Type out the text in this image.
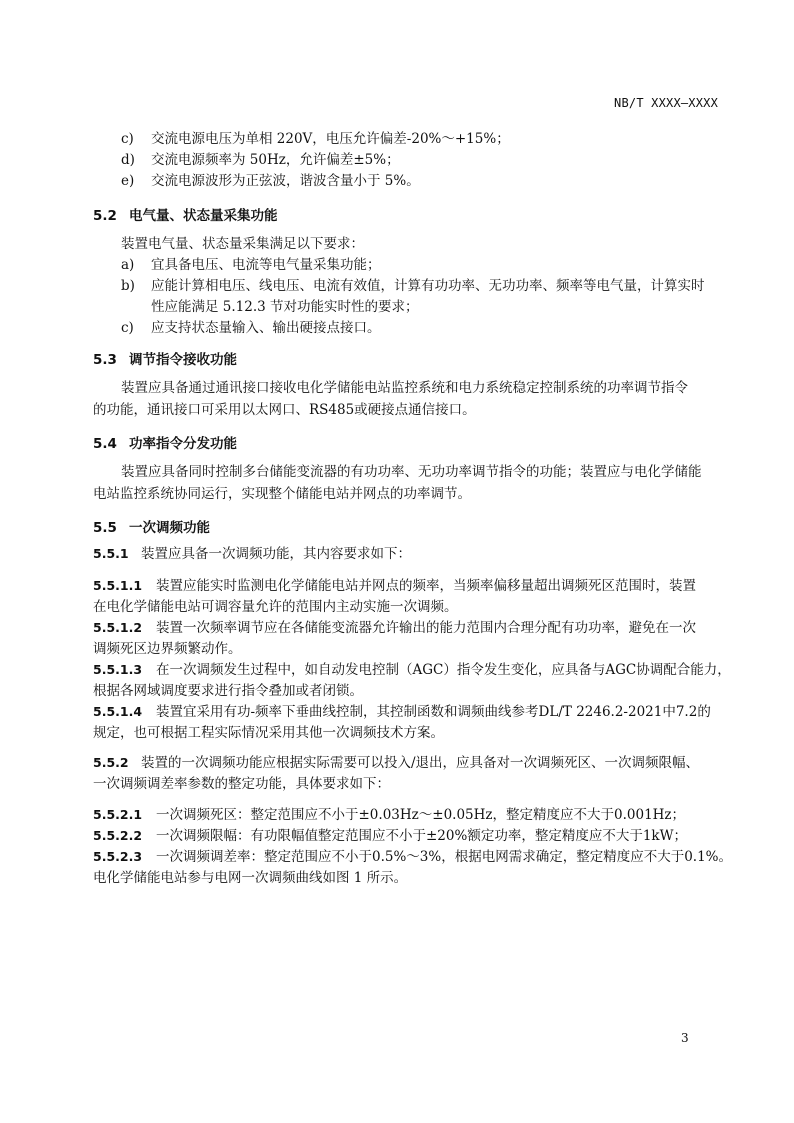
NB/T XXXX—XXXX
c) 交流电源电压为单相 220V，电压允许偏差-20%～+15%；
d) 交流电源频率为 50Hz，允许偏差±5%；
e) 交流电源波形为正弦波，谐波含量小于 5%。
5.2 电气量、状态量采集功能
装置电气量、状态量采集满足以下要求：
a) 宜具备电压、电流等电气量采集功能；
b) 应能计算相电压、线电压、电流有效值，计算有功功率、无功功率、频率等电气量，计算实时
性应能满足 5.12.3 节对功能实时性的要求；
c) 应支持状态量输入、输出硬接点接口。
5.3 调节指令接收功能
装置应具备通过通讯接口接收电化学储能电站监控系统和电力系统稳定控制系统的功率调节指令
的功能，通讯接口可采用以太网口、RS485或硬接点通信接口。
5.4 功率指令分发功能
装置应具备同时控制多台储能变流器的有功功率、无功功率调节指令的功能；装置应与电化学储能
电站监控系统协同运行，实现整个储能电站并网点的功率调节。
5.5 一次调频功能
5.5.1 装置应具备一次调频功能，其内容要求如下：
5.5.1.1 装置应能实时监测电化学储能电站并网点的频率，当频率偏移量超出调频死区范围时，装置
在电化学储能电站可调容量允许的范围内主动实施一次调频。
5.5.1.2 装置一次频率调节应在各储能变流器允许输出的能力范围内合理分配有功功率，避免在一次
调频死区边界频繁动作。
5.5.1.3 在一次调频发生过程中，如自动发电控制（AGC）指令发生变化，应具备与AGC协调配合能力，
根据各网域调度要求进行指令叠加或者闭锁。
5.5.1.4 装置宜采用有功-频率下垂曲线控制，其控制函数和调频曲线参考DL/T 2246.2-2021中7.2的
规定，也可根据工程实际情况采用其他一次调频技术方案。
5.5.2 装置的一次调频功能应根据实际需要可以投入/退出，应具备对一次调频死区、一次调频限幅、
一次调频调差率参数的整定功能，具体要求如下：
5.5.2.1 一次调频死区：整定范围应不小于±0.03Hz～±0.05Hz，整定精度应不大于0.001Hz；
5.5.2.2 一次调频限幅：有功限幅值整定范围应不小于±20%额定功率，整定精度应不大于1kW；
5.5.2.3 一次调频调差率：整定范围应不小于0.5%～3%，根据电网需求确定，整定精度应不大于0.1%。
电化学储能电站参与电网一次调频曲线如图 1 所示。
3
